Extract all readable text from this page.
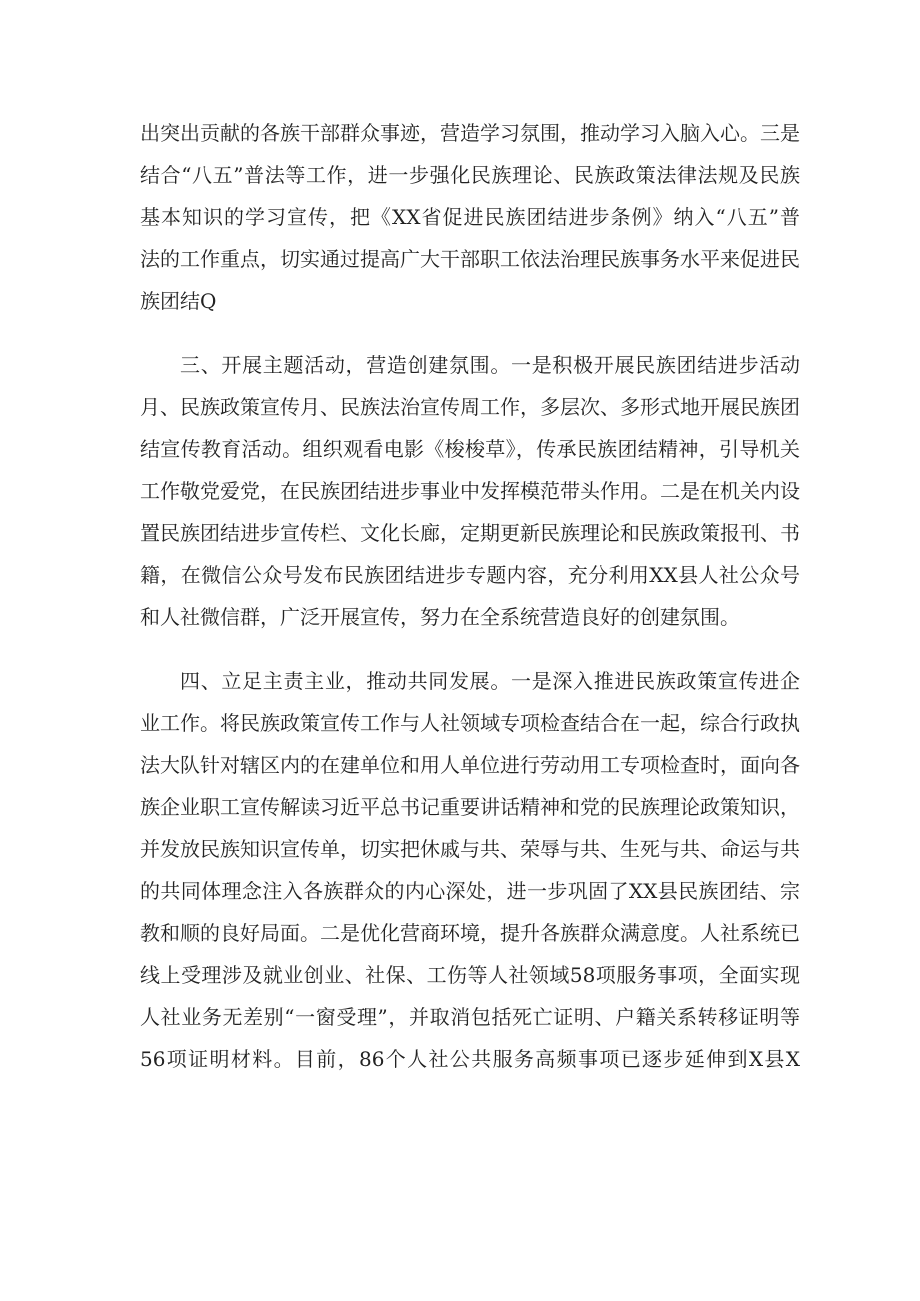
出突出贡献的各族干部群众事迹，营造学习氛围，推动学习入脑入心。三是
结合“八五”普法等工作，进一步强化民族理论、民族政策法律法规及民族
基本知识的学习宣传，把《XX省促进民族团结进步条例》纳入“八五”普
法的工作重点，切实通过提高广大干部职工依法治理民族事务水平来促进民
族团结Q
三、开展主题活动，营造创建氛围。一是积极开展民族团结进步活动
月、民族政策宣传月、民族法治宣传周工作，多层次、多形式地开展民族团
结宣传教育活动。组织观看电影《梭梭草》，传承民族团结精神，引导机关
工作敬党爱党，在民族团结进步事业中发挥模范带头作用。二是在机关内设
置民族团结进步宣传栏、文化长廊，定期更新民族理论和民族政策报刊、书
籍，在微信公众号发布民族团结进步专题内容，充分利用XX县人社公众号
和人社微信群，广泛开展宣传，努力在全系统营造良好的创建氛围。
四、立足主责主业，推动共同发展。一是深入推进民族政策宣传进企
业工作。将民族政策宣传工作与人社领域专项检查结合在一起，综合行政执
法大队针对辖区内的在建单位和用人单位进行劳动用工专项检查时，面向各
族企业职工宣传解读习近平总书记重要讲话精神和党的民族理论政策知识，
并发放民族知识宣传单，切实把休戚与共、荣辱与共、生死与共、命运与共
的共同体理念注入各族群众的内心深处，进一步巩固了XX县民族团结、宗
教和顺的良好局面。二是优化营商环境，提升各族群众满意度。人社系统已
线上受理涉及就业创业、社保、工伤等人社领域58项服务事项，全面实现
人社业务无差别“一窗受理”，并取消包括死亡证明、户籍关系转移证明等
56项证明材料。目前，86个人社公共服务高频事项已逐步延伸到X县X
